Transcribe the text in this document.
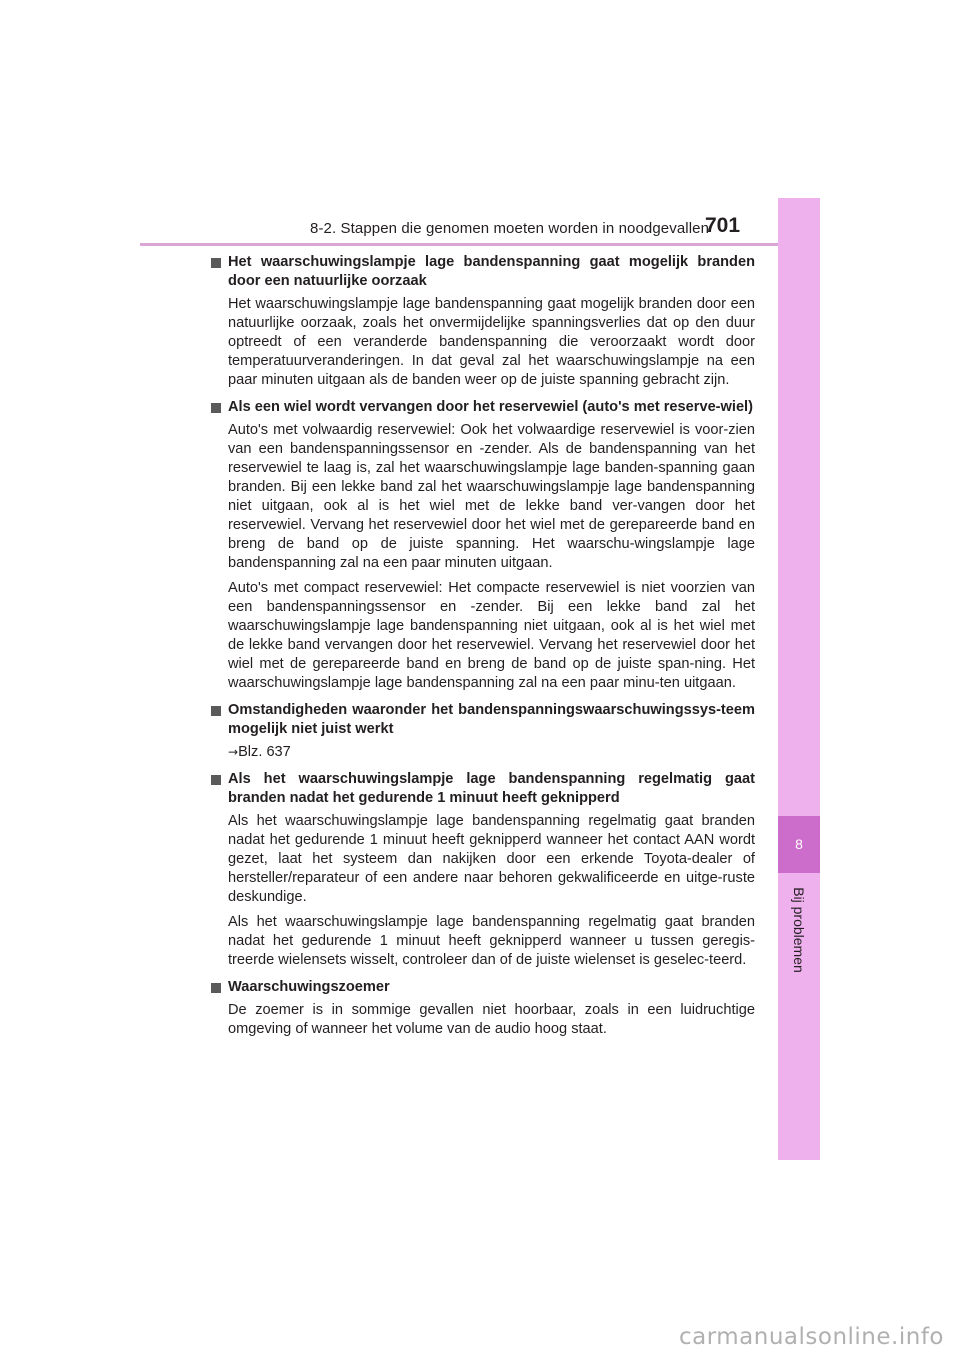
8-2. Stappen die genomen moeten worden in noodgevallen
701
8
Bij problemen
Het waarschuwingslampje lage bandenspanning gaat mogelijk branden door een natuurlijke oorzaak
Het waarschuwingslampje lage bandenspanning gaat mogelijk branden door een natuurlijke oorzaak, zoals het onvermijdelijke spanningsverlies dat op den duur optreedt of een veranderde bandenspanning die veroorzaakt wordt door temperatuurveranderingen. In dat geval zal het waarschuwingslampje na een paar minuten uitgaan als de banden weer op de juiste spanning gebracht zijn.
Als een wiel wordt vervangen door het reservewiel (auto's met reserve-wiel)
Auto's met volwaardig reservewiel: Ook het volwaardige reservewiel is voor-zien van een bandenspanningssensor en -zender. Als de bandenspanning van het reservewiel te laag is, zal het waarschuwingslampje lage banden-spanning gaan branden. Bij een lekke band zal het waarschuwingslampje lage bandenspanning niet uitgaan, ook al is het wiel met de lekke band ver-vangen door het reservewiel. Vervang het reservewiel door het wiel met de gerepareerde band en breng de band op de juiste spanning. Het waarschu-wingslampje lage bandenspanning zal na een paar minuten uitgaan.
Auto's met compact reservewiel: Het compacte reservewiel is niet voorzien van een bandenspanningssensor en -zender. Bij een lekke band zal het waarschuwingslampje lage bandenspanning niet uitgaan, ook al is het wiel met de lekke band vervangen door het reservewiel. Vervang het reservewiel door het wiel met de gerepareerde band en breng de band op de juiste span-ning. Het waarschuwingslampje lage bandenspanning zal na een paar minu-ten uitgaan.
Omstandigheden waaronder het bandenspanningswaarschuwingssys-teem mogelijk niet juist werkt
→Blz. 637
Als het waarschuwingslampje lage bandenspanning regelmatig gaat branden nadat het gedurende 1 minuut heeft geknipperd
Als het waarschuwingslampje lage bandenspanning regelmatig gaat branden nadat het gedurende 1 minuut heeft geknipperd wanneer het contact AAN wordt gezet, laat het systeem dan nakijken door een erkende Toyota-dealer of hersteller/reparateur of een andere naar behoren gekwalificeerde en uitge-ruste deskundige.
Als het waarschuwingslampje lage bandenspanning regelmatig gaat branden nadat het gedurende 1 minuut heeft geknipperd wanneer u tussen geregis-treerde wielensets wisselt, controleer dan of de juiste wielenset is geselec-teerd.
Waarschuwingszoemer
De zoemer is in sommige gevallen niet hoorbaar, zoals in een luidruchtige omgeving of wanneer het volume van de audio hoog staat.
carmanualsonline.info
